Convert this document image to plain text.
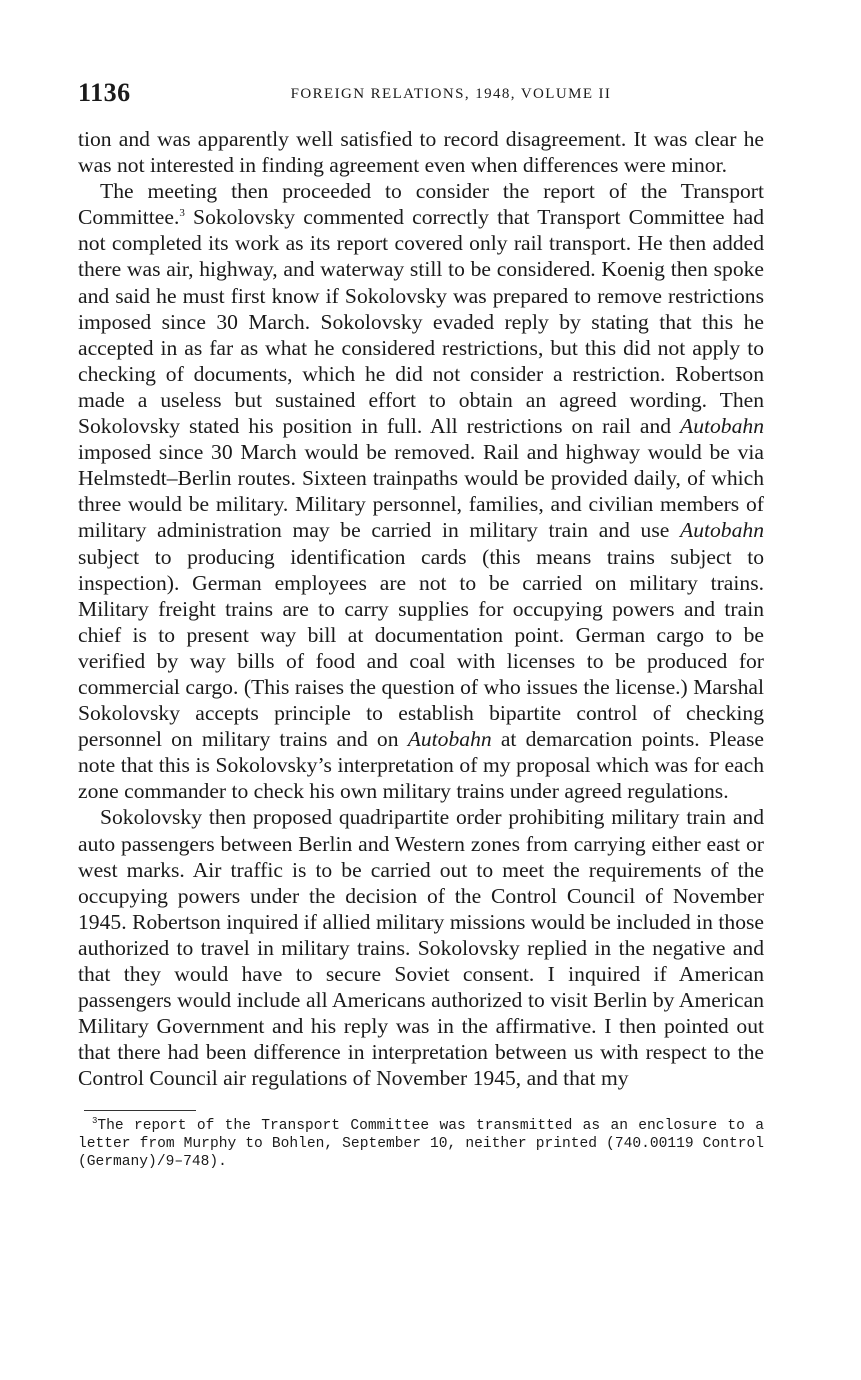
1136	FOREIGN RELATIONS, 1948, VOLUME II

tion and was apparently well satisfied to record disagreement. It was clear he was not interested in finding agreement even when differences were minor.

The meeting then proceeded to consider the report of the Transport Committee.$^3$ Sokolovsky commented correctly that Transport Committee had not completed its work as its report covered only rail transport. He then added there was air, highway, and waterway still to be considered. Koenig then spoke and said he must first know if Sokolovsky was prepared to remove restrictions imposed since 30 March. Sokolovsky evaded reply by stating that this he accepted in as far as what he considered restrictions, but this did not apply to checking of documents, which he did not consider a restriction. Robertson made a useless but sustained effort to obtain an agreed wording. Then Sokolovsky stated his position in full. All restrictions on rail and Autobahn imposed since 30 March would be removed. Rail and highway would be via Helmstedt–Berlin routes. Sixteen trainpaths would be provided daily, of which three would be military. Military personnel, families, and civilian members of military administration may be carried in military train and use Autobahn subject to producing identification cards (this means trains subject to inspection). German employees are not to be carried on military trains. Military freight trains are to carry supplies for occupying powers and train chief is to present way bill at documentation point. German cargo to be verified by way bills of food and coal with licenses to be produced for commercial cargo. (This raises the question of who issues the license.) Marshal Sokolovsky accepts principle to establish bipartite control of checking personnel on military trains and on Autobahn at demarcation points. Please note that this is Sokolovsky’s interpretation of my proposal which was for each zone commander to check his own military trains under agreed regulations.

Sokolovsky then proposed quadripartite order prohibiting military train and auto passengers between Berlin and Western zones from carrying either east or west marks. Air traffic is to be carried out to meet the requirements of the occupying powers under the decision of the Control Council of November 1945. Robertson inquired if allied military missions would be included in those authorized to travel in military trains. Sokolovsky replied in the negative and that they would have to secure Soviet consent. I inquired if American passengers would include all Americans authorized to visit Berlin by American Military Government and his reply was in the affirmative. I then pointed out that there had been difference in interpretation between us with respect to the Control Council air regulations of November 1945, and that my

$^3$The report of the Transport Committee was transmitted as an enclosure to a letter from Murphy to Bohlen, September 10, neither printed (740.00119 Control (Germany)/9–748).
